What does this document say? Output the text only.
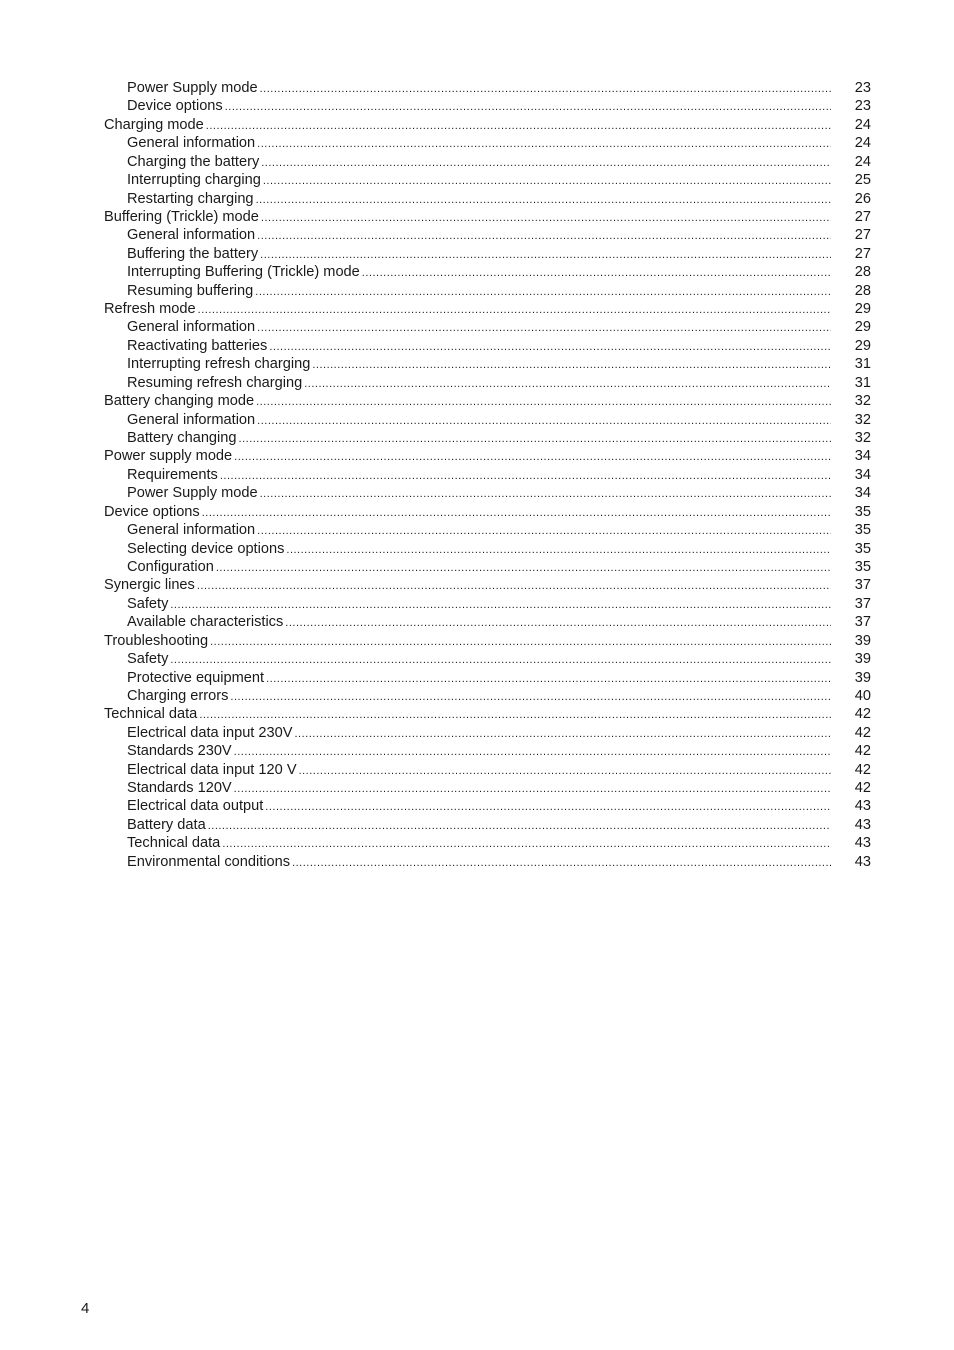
Power Supply mode .....	23
Device options .....	23
Charging mode .....	24
General information .....	24
Charging the battery .....	24
Interrupting charging .....	25
Restarting charging .....	26
Buffering (Trickle) mode .....	27
General information .....	27
Buffering the battery .....	27
Interrupting Buffering (Trickle) mode .....	28
Resuming buffering .....	28
Refresh mode .....	29
General information .....	29
Reactivating batteries .....	29
Interrupting refresh charging .....	31
Resuming refresh charging .....	31
Battery changing mode .....	32
General information .....	32
Battery changing .....	32
Power supply mode .....	34
Requirements .....	34
Power Supply mode .....	34
Device options .....	35
General information .....	35
Selecting device options .....	35
Configuration .....	35
Synergic lines .....	37
Safety .....	37
Available characteristics .....	37
Troubleshooting .....	39
Safety .....	39
Protective equipment .....	39
Charging errors .....	40
Technical data .....	42
Electrical data input 230V .....	42
Standards 230V .....	42
Electrical data input 120 V .....	42
Standards 120V .....	42
Electrical data output .....	43
Battery data .....	43
Technical data .....	43
Environmental conditions .....	43
4
